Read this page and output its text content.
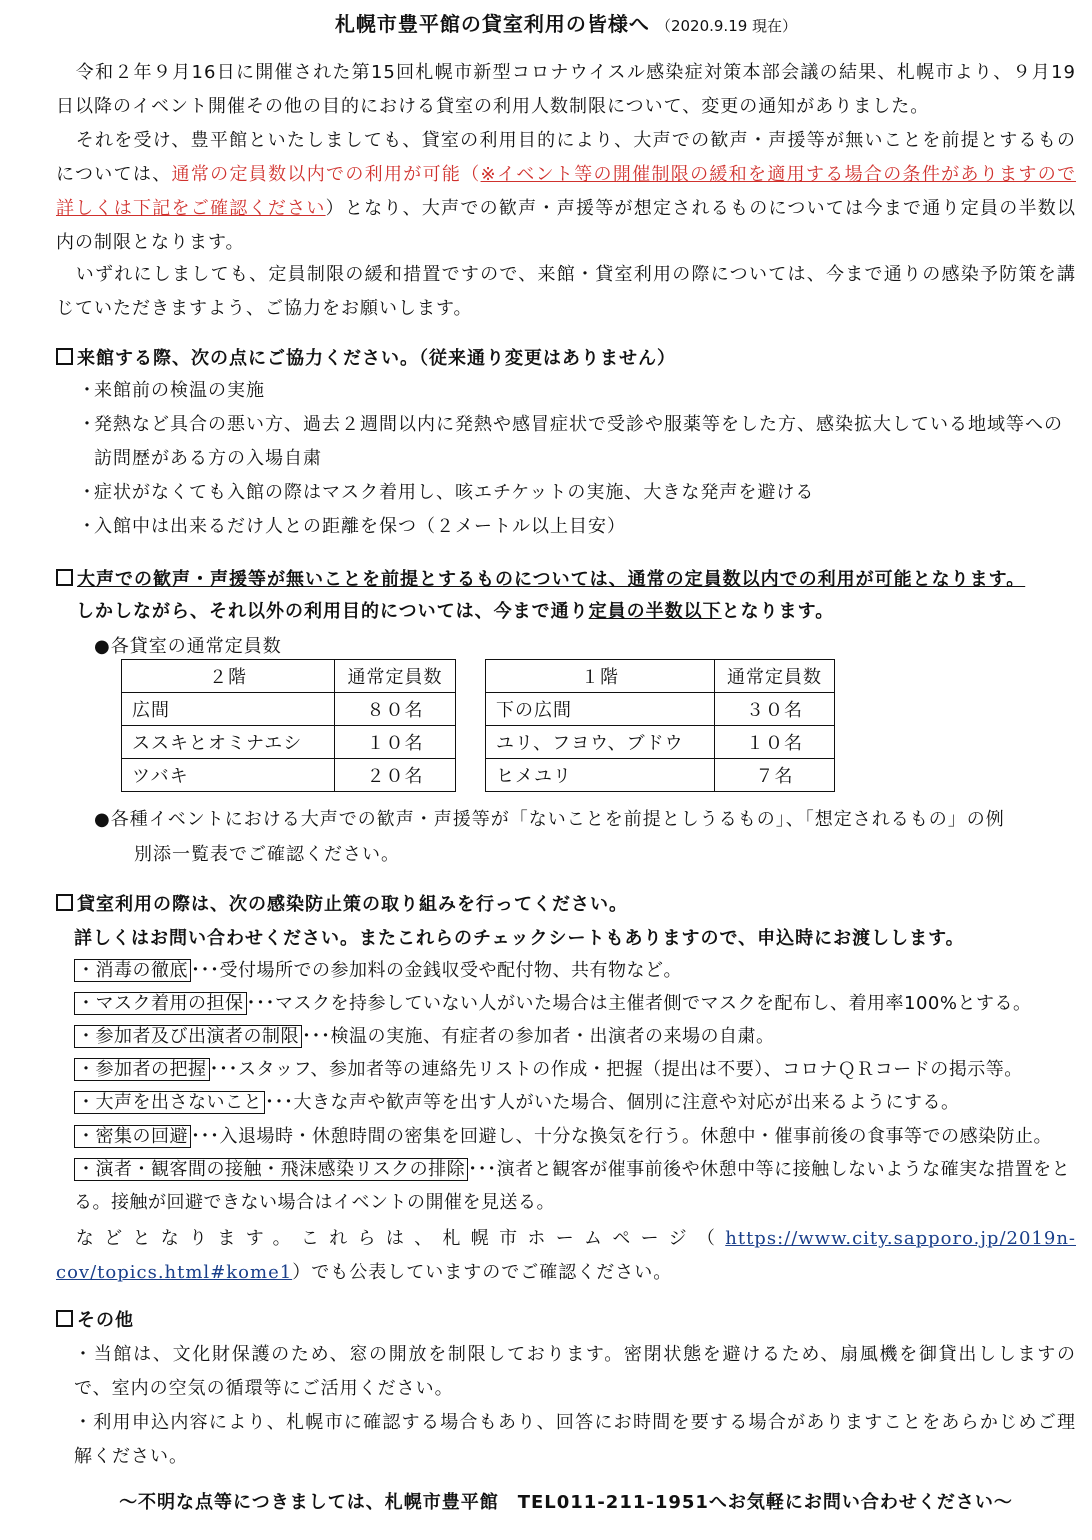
札幌市豊平館の貸室利用の皆様へ （2020.9.19 現在）
令和２年９月16日に開催された第15回札幌市新型コロナウイスル感染症対策本部会議の結果、札幌市より、９月19日以降のイベント開催その他の目的における貸室の利用人数制限について、変更の通知がありました。
それを受け、豊平館といたしましても、貸室の利用目的により、大声での歓声・声援等が無いことを前提とするものについては、通常の定員数以内での利用が可能（※イベント等の開催制限の緩和を適用する場合の条件がありますので詳しくは下記をご確認ください）となり、大声での歓声・声援等が想定されるものについては今まで通り定員の半数以内の制限となります。
いずれにしましても、定員制限の緩和措置ですので、来館・貸室利用の際については、今まで通りの感染予防策を講じていただきますよう、ご協力をお願いします。
来館する際、次の点にご協力ください。（従来通り変更はありません）
・
来館前の検温の実施
・
発熱など具合の悪い方、過去２週間以内に発熱や感冒症状で受診や服薬等をした方、感染拡大している地域等への訪問歴がある方の入場自粛
・
症状がなくても入館の際はマスク着用し、咳エチケットの実施、大きな発声を避ける
・
入館中は出来るだけ人との距離を保つ（２メートル以上目安）
大声での歓声・声援等が無いことを前提とするものについては、通常の定員数以内での利用が可能となります。
しかしながら、それ以外の利用目的については、今まで通り定員の半数以下となります。
●各貸室の通常定員数
２階	通常定員数
広間	８０名
ススキとオミナエシ	１０名
ツバキ	２０名
１階	通常定員数
下の広間	３０名
ユリ、フヨウ、ブドウ	１０名
ヒメユリ	７名
●各種イベントにおける大声での歓声・声援等が「ないことを前提としうるもの」、「想定されるもの」の例
別添一覧表でご確認ください。
貸室利用の際は、次の感染防止策の取り組みを行ってください。
詳しくはお問い合わせください。またこれらのチェックシートもありますので、申込時にお渡しします。
・消毒の徹底 ･･･受付場所での参加料の金銭収受や配付物、共有物など。
・マスク着用の担保 ･･･マスクを持参していない人がいた場合は主催者側でマスクを配布し、着用率100%とする。
・参加者及び出演者の制限 ･･･検温の実施、有症者の参加者・出演者の来場の自粛。
・参加者の把握 ･･･スタッフ、参加者等の連絡先リストの作成・把握（提出は不要）、コロナＱＲコードの掲示等。
・大声を出さないこと ･･･大きな声や歓声等を出す人がいた場合、個別に注意や対応が出来るようにする。
・密集の回避 ･･･入退場時・休憩時間の密集を回避し、十分な換気を行う。休憩中・催事前後の食事等での感染防止。
・演者・観客間の接触・飛沫感染リスクの排除 ･･･演者と観客が催事前後や休憩中等に接触しないような確実な措置をとる。接触が回避できない場合はイベントの開催を見送る。
などとなります。これらは、札幌市ホームページ（https://www.city.sapporo.jp/2019n-cov/topics.html#kome1）でも公表していますのでご確認ください。
その他
・当館は、文化財保護のため、窓の開放を制限しております。密閉状態を避けるため、扇風機を御貸出ししますので、室内の空気の循環等にご活用ください。
・利用申込内容により、札幌市に確認する場合もあり、回答にお時間を要する場合がありますことをあらかじめご理解ください。
～不明な点等につきましては、札幌市豊平館　TEL011-211-1951へお気軽にお問い合わせください～
